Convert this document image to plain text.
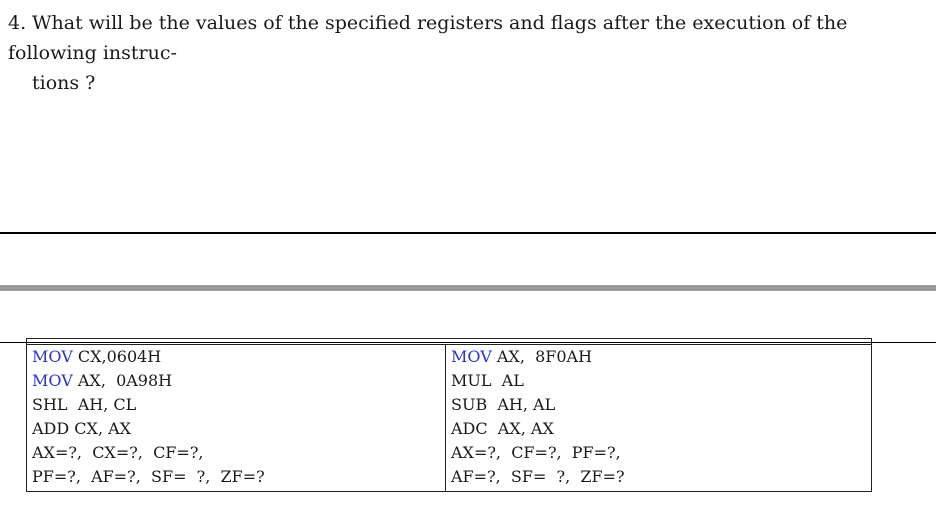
4. What will be the values of the specified registers and flags after the execution of the following instruc-
tions ?
MOV CX,0604H
MOV AX,  0A98H
SHL  AH, CL
ADD CX, AX
AX=?,  CX=?,  CF=?,
PF=?,  AF=?,  SF=  ?,  ZF=?
MOV AX,  8F0AH
MUL  AL
SUB  AH, AL
ADC  AX, AX
AX=?,  CF=?,  PF=?,
AF=?,  SF=  ?,  ZF=?
